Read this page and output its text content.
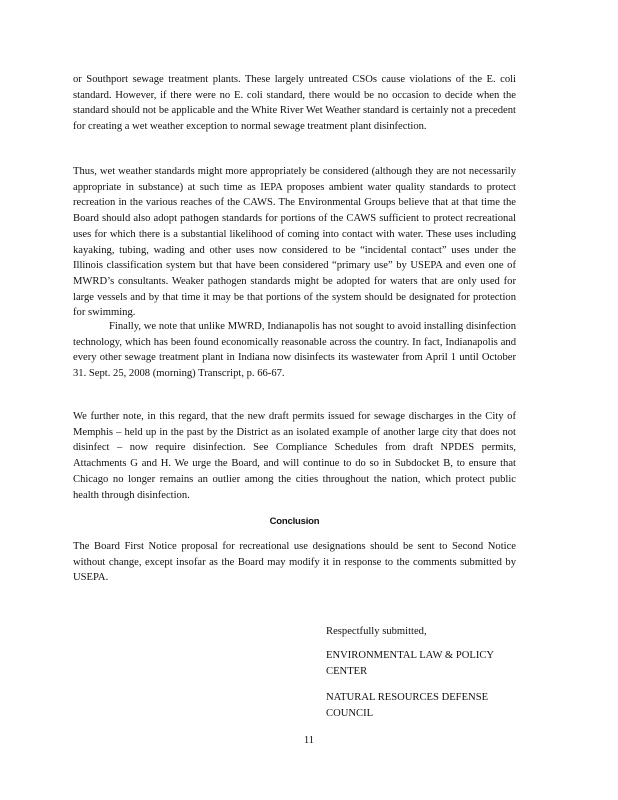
or Southport sewage treatment plants. These largely untreated CSOs cause violations of the E. coli standard. However, if there were no E. coli standard, there would be no occasion to decide when the standard should not be applicable and the White River Wet Weather standard is certainly not a precedent for creating a wet weather exception to normal sewage treatment plant disinfection.

Thus, wet weather standards might more appropriately be considered (although they are not necessarily appropriate in substance) at such time as IEPA proposes ambient water quality standards to protect recreation in the various reaches of the CAWS. The Environmental Groups believe that at that time the Board should also adopt pathogen standards for portions of the CAWS sufficient to protect recreational uses for which there is a substantial likelihood of coming into contact with water. These uses including kayaking, tubing, wading and other uses now considered to be “incidental contact” uses under the Illinois classification system but that have been considered “primary use” by USEPA and even one of MWRD’s consultants. Weaker pathogen standards might be adopted for waters that are only used for large vessels and by that time it may be that portions of the system should be designated for protection for swimming.

Finally, we note that unlike MWRD, Indianapolis has not sought to avoid installing disinfection technology, which has been found economically reasonable across the country. In fact, Indianapolis and every other sewage treatment plant in Indiana now disinfects its wastewater from April 1 until October 31. Sept. 25, 2008 (morning) Transcript, p. 66-67.

We further note, in this regard, that the new draft permits issued for sewage discharges in the City of Memphis – held up in the past by the District as an isolated example of another large city that does not disinfect – now require disinfection. See Compliance Schedules from draft NPDES permits, Attachments G and H. We urge the Board, and will continue to do so in Subdocket B, to ensure that Chicago no longer remains an outlier among the cities throughout the nation, which protect public health through disinfection.

Conclusion

The Board First Notice proposal for recreational use designations should be sent to Second Notice without change, except insofar as the Board may modify it in response to the comments submitted by USEPA.

Respectfully submitted,

ENVIRONMENTAL LAW & POLICY
CENTER

NATURAL RESOURCES DEFENSE
COUNCIL

11
